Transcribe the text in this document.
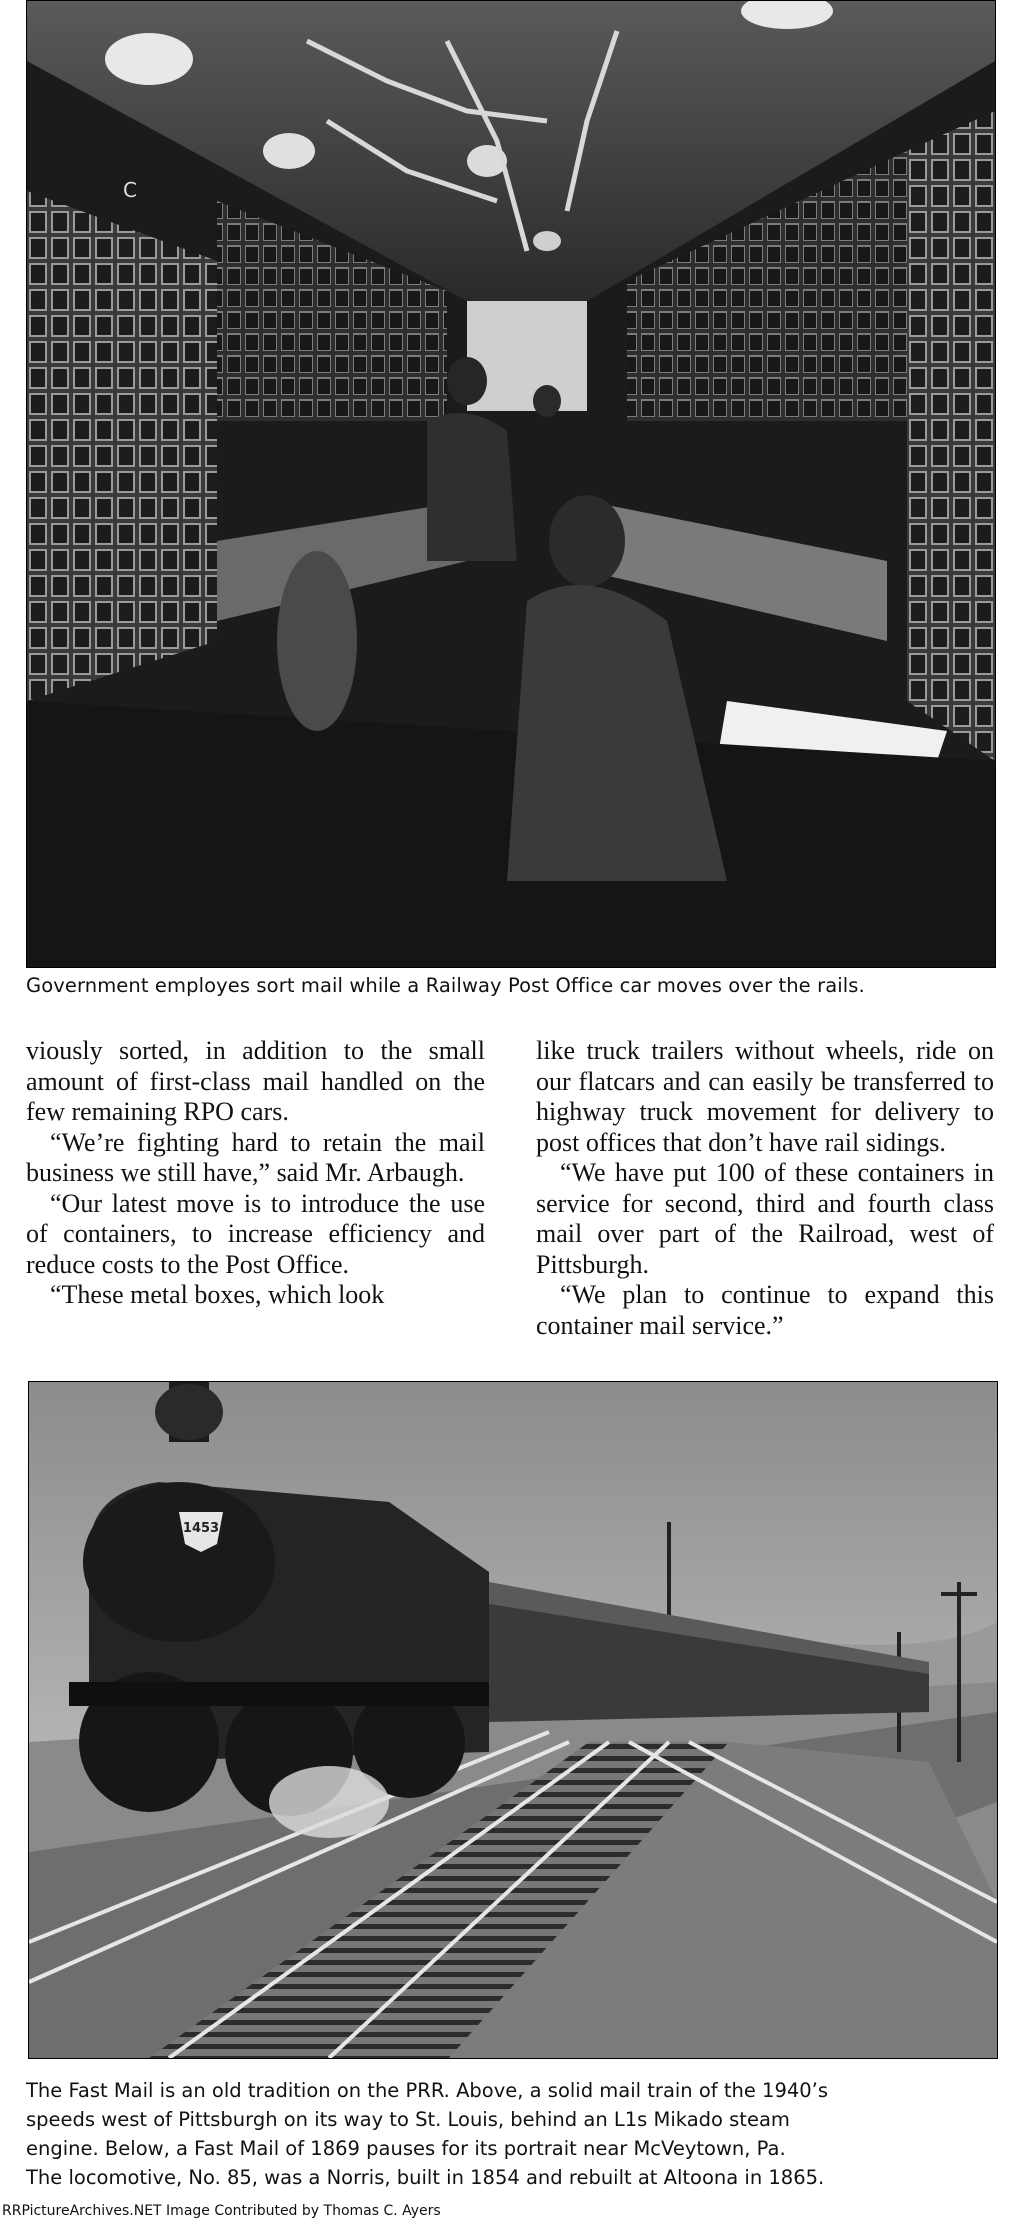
C

Government employes sort mail while a Railway Post Office car moves over the rails.

viously sorted, in addition to the small amount of first-class mail handled on the few remaining RPO cars.

“We’re fighting hard to retain the mail business we still have,” said Mr. Arbaugh.

“Our latest move is to introduce the use of containers, to increase efficiency and reduce costs to the Post Office.

“These metal boxes, which look

like truck trailers without wheels, ride on our flatcars and can easily be transferred to highway truck movement for delivery to post offices that don’t have rail sidings.

“We have put 100 of these containers in service for second, third and fourth class mail over part of the Railroad, west of Pittsburgh.

“We plan to continue to expand this container mail service.”

1453
The Fast Mail is an old tradition on the PRR. Above, a solid mail train of the 1940’s
speeds west of Pittsburgh on its way to St. Louis, behind an L1s Mikado steam
engine. Below, a Fast Mail of 1869 pauses for its portrait near McVeytown, Pa.
The locomotive, No. 85, was a Norris, built in 1854 and rebuilt at Altoona in 1865.
RRPictureArchives.NET Image Contributed by Thomas C. Ayers
